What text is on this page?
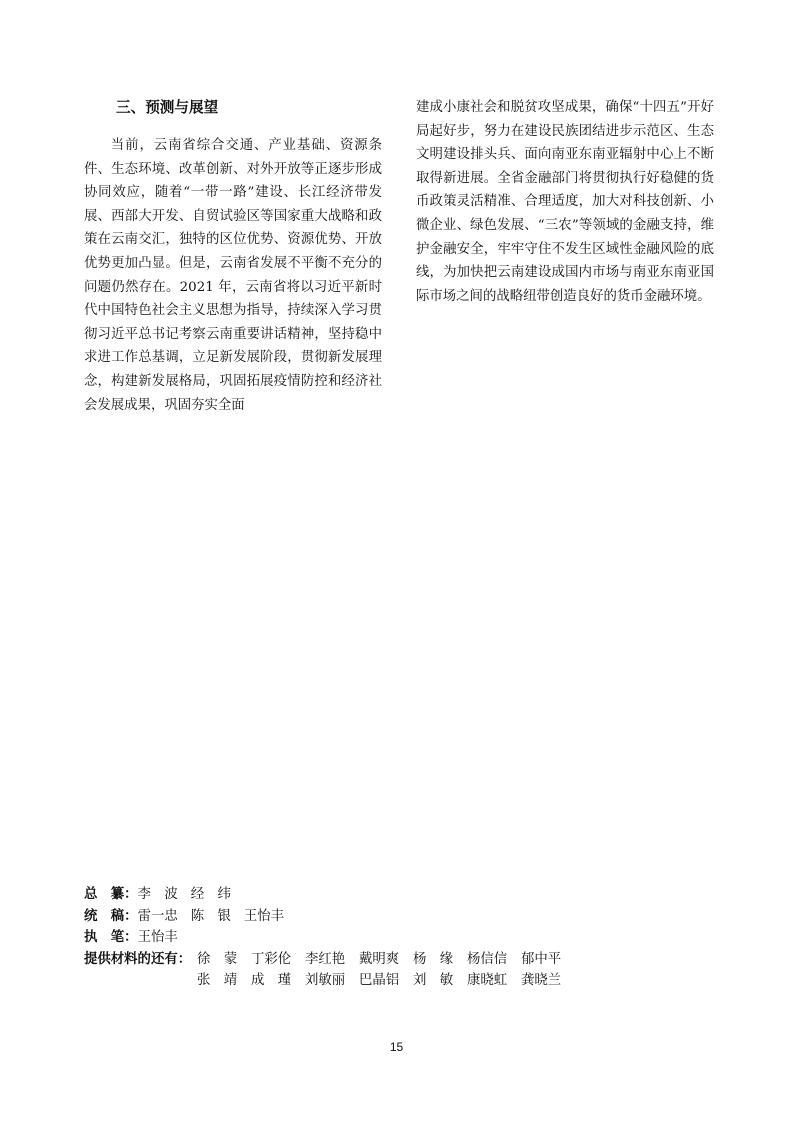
三、预测与展望

当前，云南省综合交通、产业基础、资源条件、生态环境、改革创新、对外开放等正逐步形成协同效应，随着“一带一路”建设、长江经济带发展、西部大开发、自贸试验区等国家重大战略和政策在云南交汇，独特的区位优势、资源优势、开放优势更加凸显。但是，云南省发展不平衡不充分的问题仍然存在。2021 年，云南省将以习近平新时代中国特色社会主义思想为指导，持续深入学习贯彻习近平总书记考察云南重要讲话精神，坚持稳中求进工作总基调，立足新发展阶段，贯彻新发展理念，构建新发展格局，巩固拓展疫情防控和经济社会发展成果，巩固夯实全面

建成小康社会和脱贫攻坚成果，确保“十四五”开好局起好步，努力在建设民族团结进步示范区、生态文明建设排头兵、面向南亚东南亚辐射中心上不断取得新进展。全省金融部门将贯彻执行好稳健的货币政策灵活精准、合理适度，加大对科技创新、小微企业、绿色发展、“三农”等领域的金融支持，维护金融安全，牢牢守住不发生区域性金融风险的底线，为加快把云南建设成国内市场与南亚东南亚国际市场之间的战略纽带创造良好的货币金融环境。

总　纂： 李　波 经　纬
统　稿： 雷一忠 陈　银 王怡丰
执　笔： 王怡丰
提供材料的还有： 徐　蒙	丁彩伦	李红艳	戴明爽	杨　缘	杨信信	郁中平
张　靖	成　瑾	刘敏丽	巴晶铝	刘　敏	康晓虹	龚晓兰
15
